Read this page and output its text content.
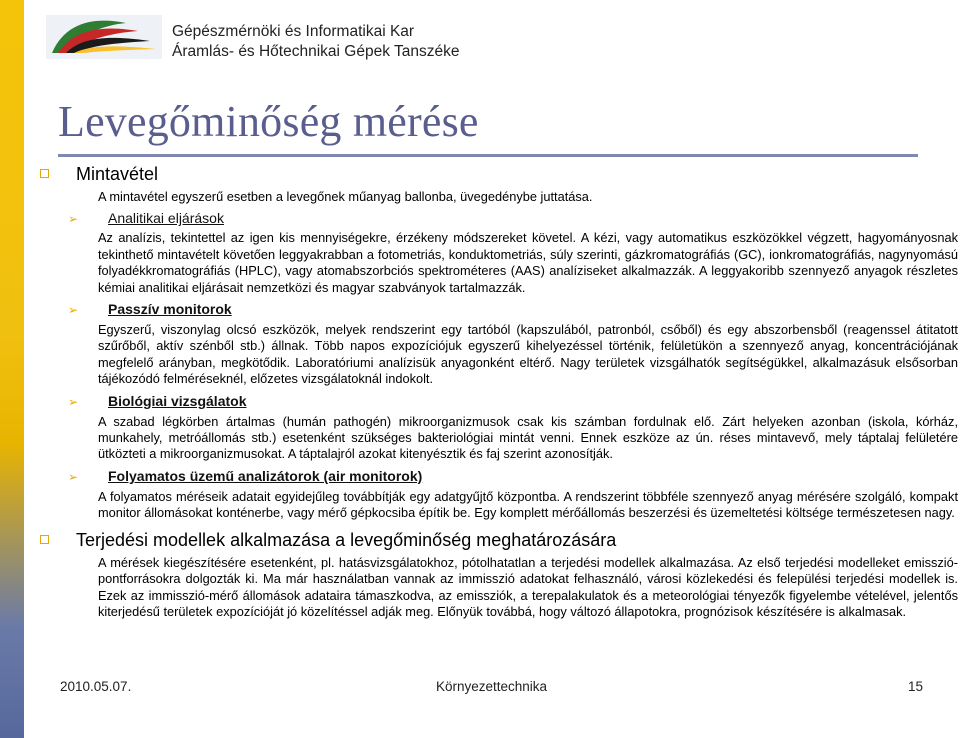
Gépészmérnöki és Informatikai Kar
Áramlás- és Hőtechnikai Gépek Tanszéke
Levegőminőség mérése
Mintavétel
A mintavétel egyszerű esetben a levegőnek műanyag ballonba, üvegedénybe juttatása.
➢	Analitikai eljárások
Az analízis, tekintettel az igen kis mennyiségekre, érzékeny módszereket követel. A kézi, vagy automatikus eszközökkel végzett, hagyományosnak tekinthető mintavételt követően leggyakrabban a fotometriás, konduktometriás, súly szerinti, gázkromatográfiás (GC), ionkromatográfiás, nagynyomású folyadékkromatográfiás (HPLC), vagy atomabszorbciós spektrométeres (AAS) analíziseket alkalmazzák. A leggyakoribb szennyező anyagok részletes kémiai analitikai eljárásait nemzetközi és magyar szabványok tartalmazzák.
➢	Passzív monitorok
Egyszerű, viszonylag olcsó eszközök, melyek rendszerint egy tartóból (kapszulából, patronból, csőből) és egy abszorbensből (reagenssel átitatott szűrőből, aktív szénből stb.) állnak. Több napos expozíciójuk egyszerű kihelyezéssel történik, felületükön a szennyező anyag, koncentrációjának megfelelő arányban, megkötődik. Laboratóriumi analízisük anyagonként eltérő. Nagy területek vizsgálhatók segítségükkel, alkalmazásuk elsősorban tájékozódó felméréseknél, előzetes vizsgálatoknál indokolt.
➢	Biológiai vizsgálatok
A szabad légkörben ártalmas (humán pathogén) mikroorganizmusok csak kis számban fordulnak elő. Zárt helyeken azonban (iskola, kórház, munkahely, metróállomás stb.) esetenként szükséges bakteriológiai mintát venni. Ennek eszköze az ún. réses mintavevő, mely táptalaj felületére ütközteti a mikroorganizmusokat. A táptalajról azokat kitenyésztik és faj szerint azonosítják.
➢	Folyamatos üzemű analizátorok (air monitorok)
A folyamatos méréseik adatait egyidejűleg továbbítják egy adatgyűjtő központba. A rendszerint többféle szennyező anyag mérésére szolgáló, kompakt monitor állomásokat konténerbe, vagy mérő gépkocsiba építik be. Egy komplett mérőállomás beszerzési és üzemeltetési költsége természetesen nagy.
Terjedési modellek alkalmazása a levegőminőség meghatározására
A mérések kiegészítésére esetenként, pl. hatásvizsgálatokhoz, pótolhatatlan a terjedési modellek alkalmazása. Az első terjedési modelleket emisszió-pontforrásokra dolgozták ki. Ma már használatban vannak az immisszió adatokat felhasználó, városi közlekedési és felepülési terjedési modellek is. Ezek az immisszió-mérő állomások adataira támaszkodva, az emissziók, a terepalakulatok és a meteorológiai tényezők figyelembe vételével, jelentős kiterjedésű területek expozícióját jó közelítéssel adják meg. Előnyük továbbá, hogy változó állapotokra, prognózisok készítésére is alkalmasak.
2010.05.07.	Környezettechnika	15
